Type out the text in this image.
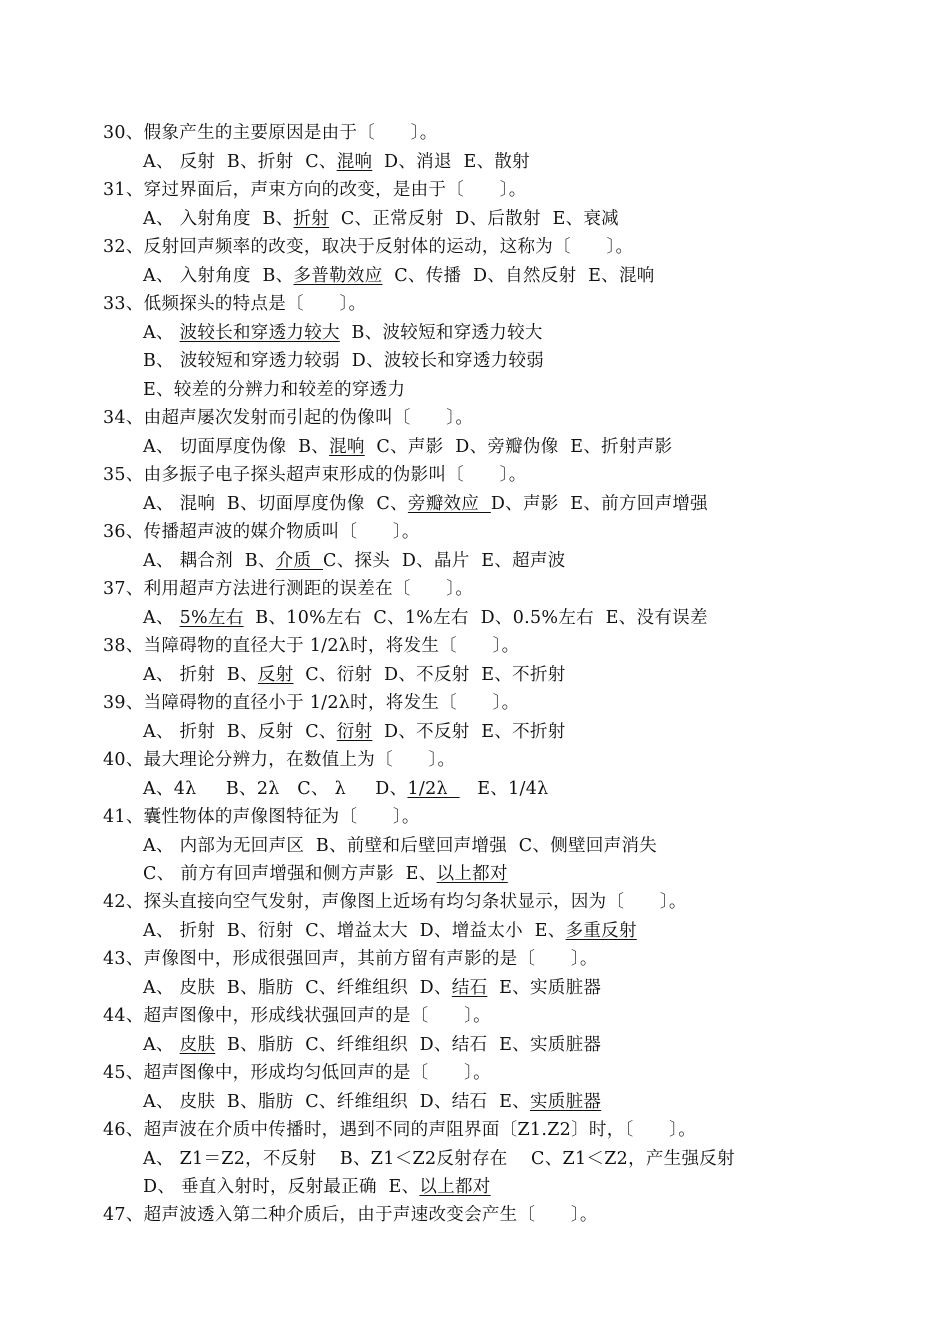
30、假象产生的主要原因是由于〔　　〕。
A、 反射  B、折射  C、混响  D、消退  E、散射
31、穿过界面后，声束方向的改变，是由于〔　　〕。
A、 入射角度  B、折射  C、正常反射  D、后散射  E、衰减
32、反射回声频率的改变，取决于反射体的运动，这称为〔　　〕。
A、 入射角度  B、多普勒效应  C、传播  D、自然反射  E、混响
33、低频探头的特点是〔　　〕。
A、 波较长和穿透力较大  B、波较短和穿透力较大
B、 波较短和穿透力较弱  D、波较长和穿透力较弱
E、较差的分辨力和较差的穿透力
34、由超声屡次发射而引起的伪像叫〔　　〕。
A、 切面厚度伪像  B、混响  C、声影  D、旁瓣伪像  E、折射声影
35、由多振子电子探头超声束形成的伪影叫〔　　〕。
A、 混响  B、切面厚度伪像  C、旁瓣效应  D、声影  E、前方回声增强
36、传播超声波的媒介物质叫〔　　〕。
A、 耦合剂  B、介质  C、探头  D、晶片  E、超声波
37、利用超声方法进行测距的误差在〔　　〕。
A、 5%左右  B、10%左右  C、1%左右  D、0.5%左右  E、没有误差
38、当障碍物的直径大于 1/2λ时，将发生〔　　〕。
A、 折射  B、反射  C、衍射  D、不反射  E、不折射
39、当障碍物的直径小于 1/2λ时，将发生〔　　〕。
A、 折射  B、反射  C、衍射  D、不反射  E、不折射
40、最大理论分辨力，在数值上为〔　　〕。
A、4λ     B、2λ   C、 λ     D、1/2λ     E、1/4λ
41、囊性物体的声像图特征为〔　　〕。
A、 内部为无回声区  B、前壁和后壁回声增强  C、侧壁回声消失
C、 前方有回声增强和侧方声影  E、以上都对
42、探头直接向空气发射，声像图上近场有均匀条状显示，因为〔　　〕。
A、 折射  B、衍射  C、增益太大  D、增益太小  E、多重反射
43、声像图中，形成很强回声，其前方留有声影的是〔　　〕。
A、 皮肤  B、脂肪  C、纤维组织  D、结石  E、实质脏器
44、超声图像中，形成线状强回声的是〔　　〕。
A、 皮肤  B、脂肪  C、纤维组织  D、结石  E、实质脏器
45、超声图像中，形成均匀低回声的是〔　　〕。
A、 皮肤  B、脂肪  C、纤维组织  D、结石  E、实质脏器
46、超声波在介质中传播时，遇到不同的声阻界面〔Z1.Z2〕时，〔　　〕。
A、 Z1＝Z2，不反射    B、Z1＜Z2反射存在    C、Z1＜Z2，产生强反射
D、 垂直入射时，反射最正确  E、以上都对
47、超声波透入第二种介质后，由于声速改变会产生〔　　〕。
